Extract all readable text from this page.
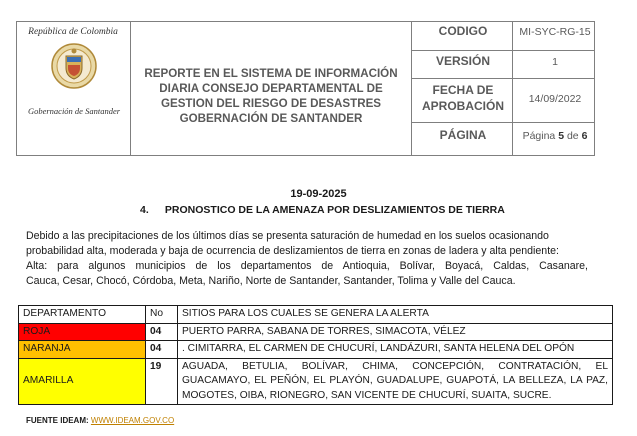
República de Colombia
Gobernación de Santander
REPORTE EN EL SISTEMA DE INFORMACIÓN
DIARIA CONSEJO DEPARTAMENTAL DE
GESTION DEL RIESGO DE DESASTRES
GOBERNACIÓN DE SANTANDER
CODIGO	MI-SYC-RG-15
VERSIÓN	1
FECHA DE
APROBACIÓN	14/09/2022
PÁGINA	Página 5 de 6
19-09-2025
4. PRONOSTICO DE LA AMENAZA POR DESLIZAMIENTOS DE TIERRA

Debido a las precipitaciones de los últimos días se presenta saturación de humedad en los suelos ocasionando

probabilidad alta, moderada y baja de ocurrencia de deslizamientos de tierra en zonas de ladera y alta pendiente:

Alta: para algunos municipios de los departamentos de Antioquia, Bolívar, Boyacá, Caldas, Casanare,

Cauca, Cesar, Chocó, Córdoba, Meta, Nariño, Norte de Santander, Santander, Tolima y Valle del Cauca.

DEPARTAMENTO	No	SITIOS PARA LOS CUALES SE GENERA LA ALERTA
ROJA	04	PUERTO PARRA, SABANA DE TORRES, SIMACOTA, VÉLEZ
NARANJA	04	. CIMITARRA, EL CARMEN DE CHUCURÍ, LANDÁZURI, SANTA HELENA DEL OPÓN
AMARILLA	19	AGUADA, BETULIA, BOLÍVAR, CHIMA, CONCEPCIÓN, CONTRATACIÓN, EL GUACAMAYO, EL PEÑÓN, EL PLAYÓN, GUADALUPE, GUAPOTÁ, LA BELLEZA, LA PAZ, MOGOTES, OIBA, RIONEGRO, SAN VICENTE DE CHUCURÍ, SUAITA, SUCRE.
FUENTE IDEAM: WWW.IDEAM.GOV.CO
